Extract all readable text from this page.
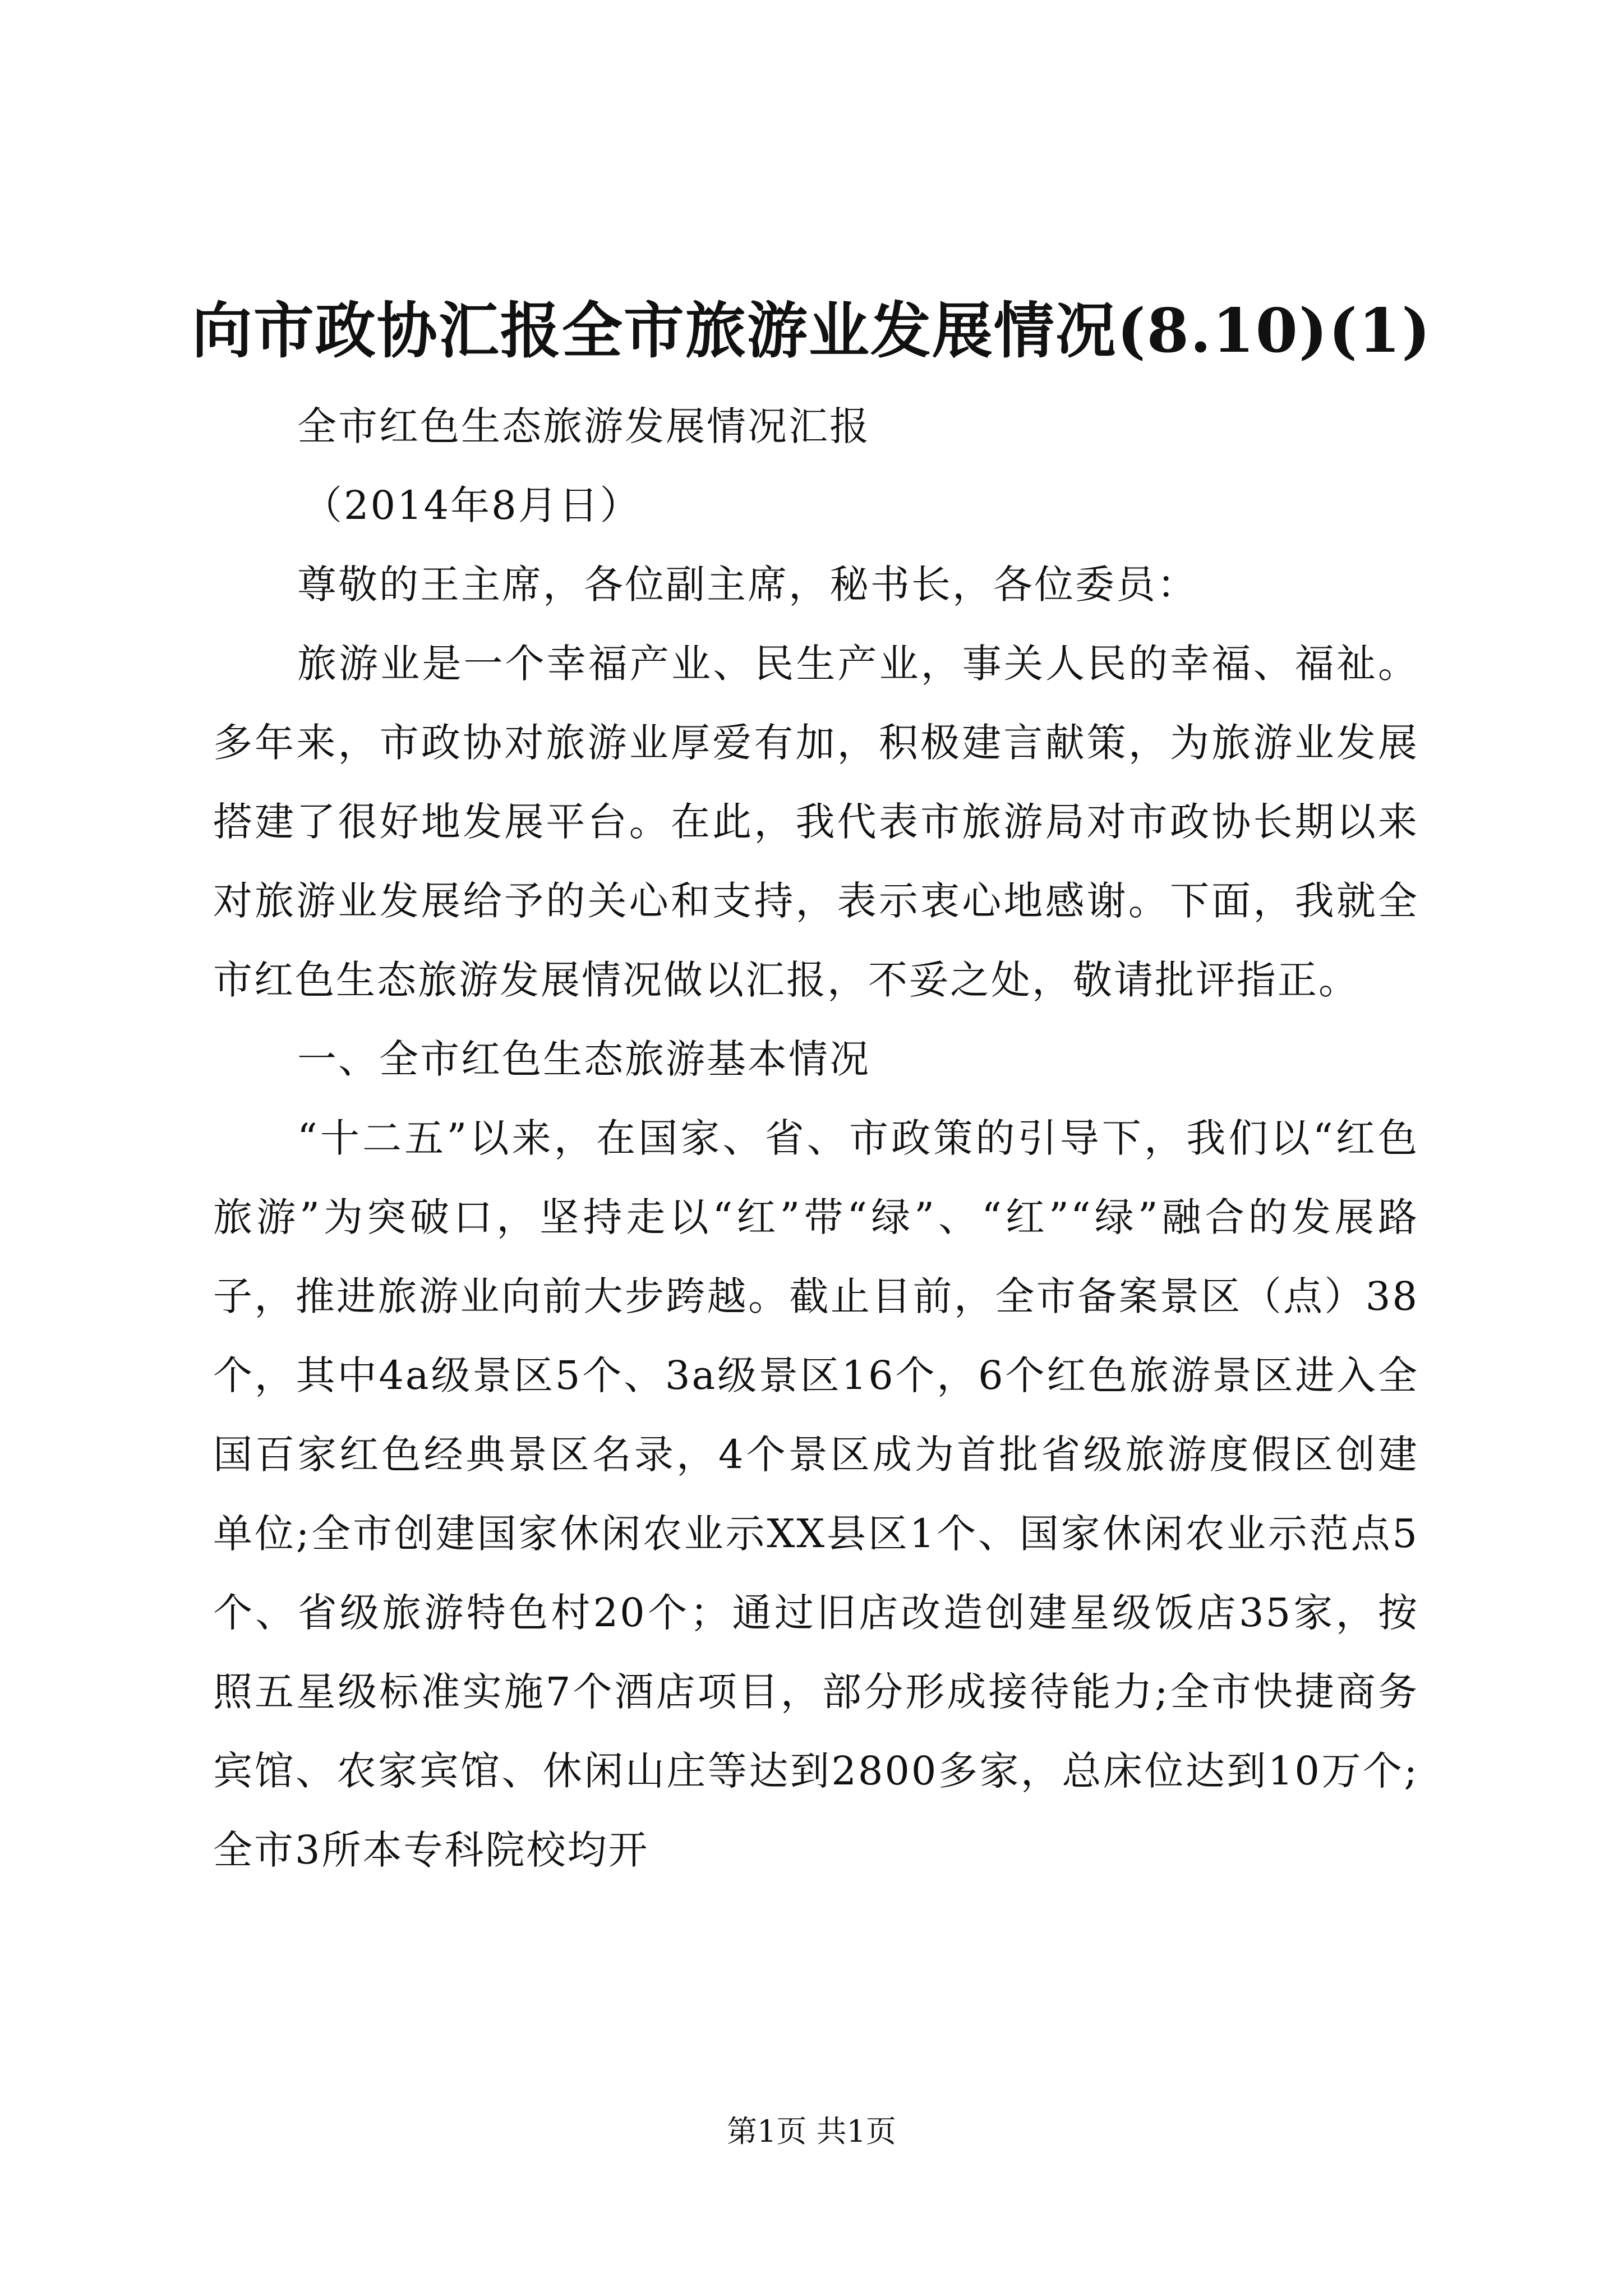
向市政协汇报全市旅游业发展情况(8.10)(1)

全市红色生态旅游发展情况汇报

（2014年8月日）

尊敬的王主席，各位副主席，秘书长，各位委员：

旅游业是一个幸福产业、民生产业，事关人民的幸福、福祉。多年来，市政协对旅游业厚爱有加，积极建言献策，为旅游业发展搭建了很好地发展平台。在此，我代表市旅游局对市政协长期以来对旅游业发展给予的关心和支持，表示衷心地感谢。下面，我就全市红色生态旅游发展情况做以汇报，不妥之处，敬请批评指正。

一、全市红色生态旅游基本情况

“十二五”以来，在国家、省、市政策的引导下，我们以“红色旅游”为突破口，坚持走以“红”带“绿”、“红”“绿”融合的发展路子，推进旅游业向前大步跨越。截止目前，全市备案景区（点）38个，其中4a级景区5个、3a级景区16个，6个红色旅游景区进入全国百家红色经典景区名录，4个景区成为首批省级旅游度假区创建单位;全市创建国家休闲农业示XX县区1个、国家休闲农业示范点5个、省级旅游特色村20个；通过旧店改造创建星级饭店35家，按照五星级标准实施7个酒店项目，部分形成接待能力;全市快捷商务宾馆、农家宾馆、休闲山庄等达到2800多家，总床位达到10万个;全市3所本专科院校均开

第1页 共1页
